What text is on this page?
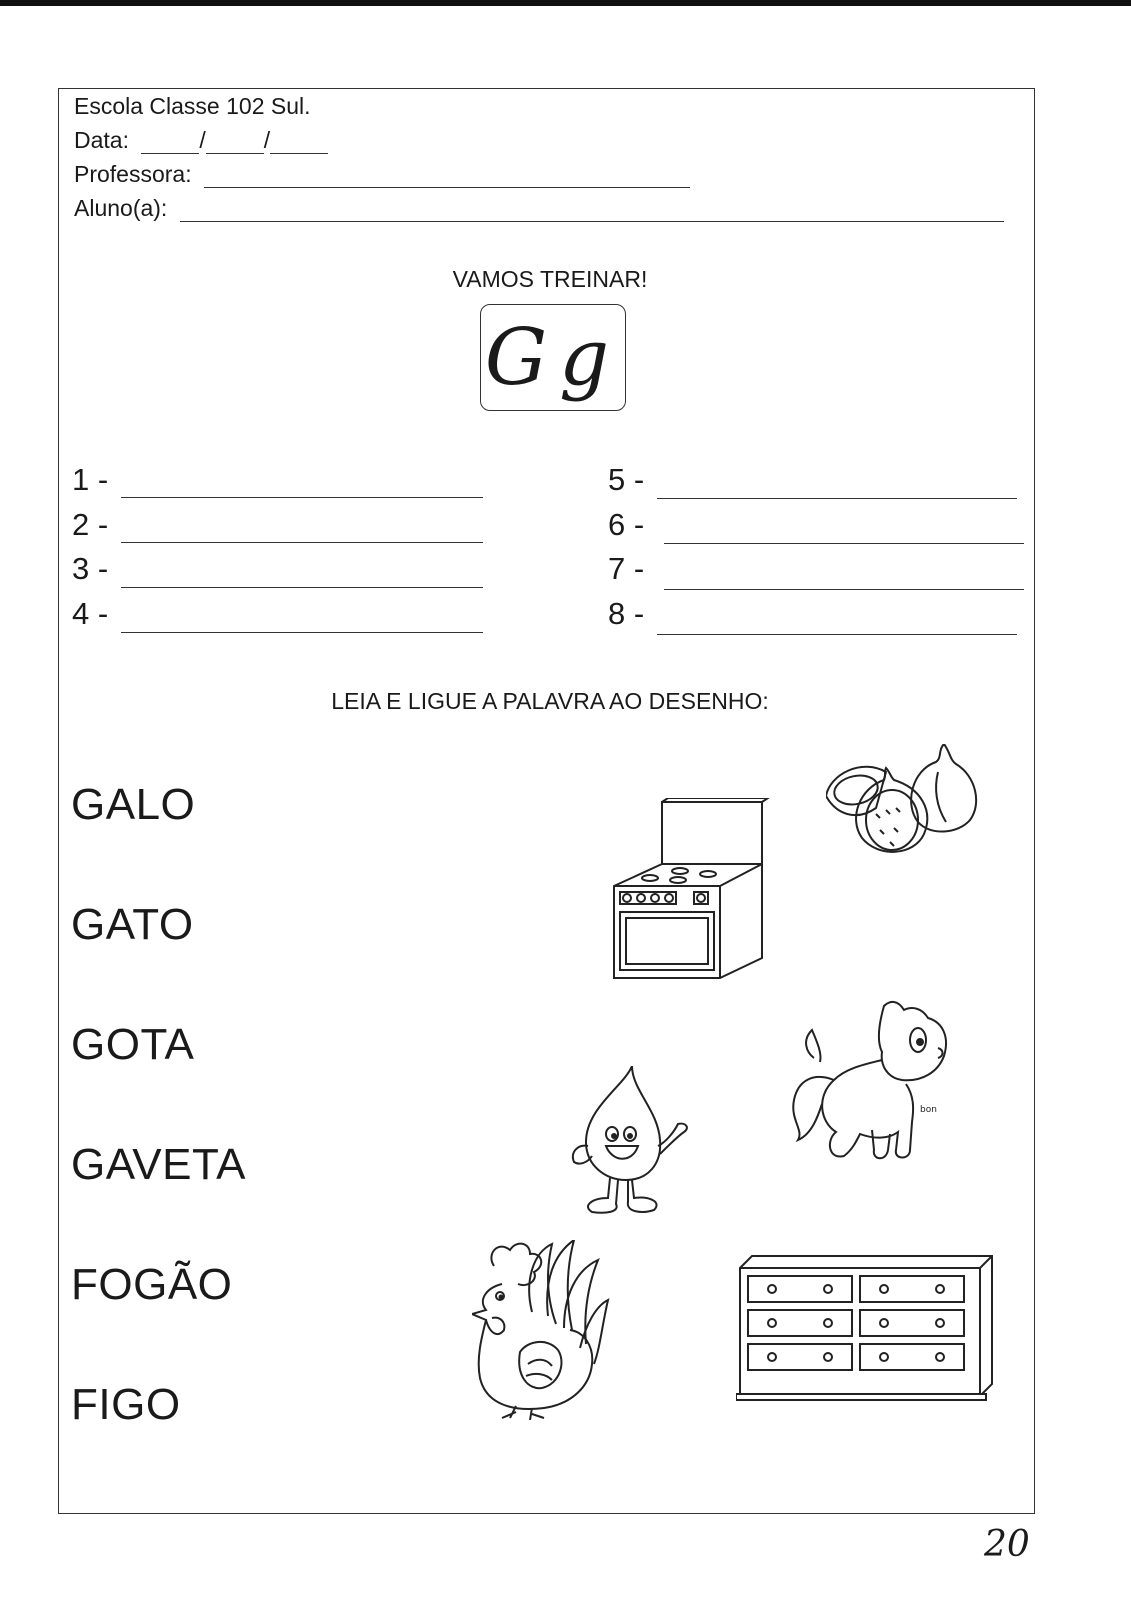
Escola Classe 102 Sul.
Data:	/	/
Professora:
Aluno(a):
VAMOS TREINAR!
Gg
1 -
2 -
3 -
4 -
5 -
6 -
7 -
8 -
LEIA E LIGUE A PALAVRA AO DESENHO:
GALO
GATO
GOTA
GAVETA
FOGÃO
FIGO
bon
20
